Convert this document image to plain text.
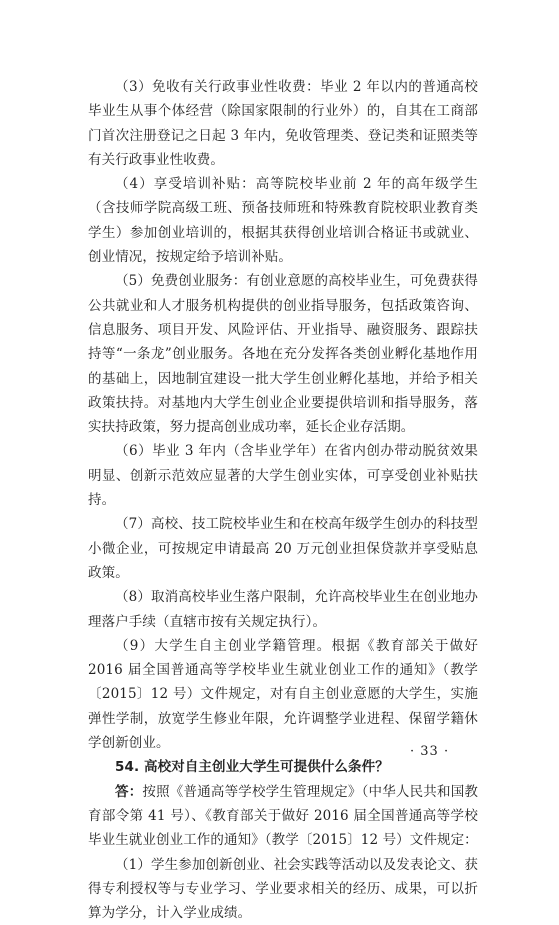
（3）免收有关行政事业性收费：毕业 2 年以内的普通高校毕业生从事个体经营（除国家限制的行业外）的，自其在工商部门首次注册登记之日起 3 年内，免收管理类、登记类和证照类等有关行政事业性收费。

（4）享受培训补贴：高等院校毕业前 2 年的高年级学生（含技师学院高级工班、预备技师班和特殊教育院校职业教育类学生）参加创业培训的，根据其获得创业培训合格证书或就业、创业情况，按规定给予培训补贴。

（5）免费创业服务：有创业意愿的高校毕业生，可免费获得公共就业和人才服务机构提供的创业指导服务，包括政策咨询、信息服务、项目开发、风险评估、开业指导、融资服务、跟踪扶持等“一条龙”创业服务。各地在充分发挥各类创业孵化基地作用的基础上，因地制宜建设一批大学生创业孵化基地，并给予相关政策扶持。对基地内大学生创业企业要提供培训和指导服务，落实扶持政策，努力提高创业成功率，延长企业存活期。

（6）毕业 3 年内（含毕业学年）在省内创办带动脱贫效果明显、创新示范效应显著的大学生创业实体，可享受创业补贴扶持。

（7）高校、技工院校毕业生和在校高年级学生创办的科技型小微企业，可按规定申请最高 20 万元创业担保贷款并享受贴息政策。

（8）取消高校毕业生落户限制，允许高校毕业生在创业地办理落户手续（直辖市按有关规定执行）。

（9）大学生自主创业学籍管理。根据《教育部关于做好 2016 届全国普通高等学校毕业生就业创业工作的通知》（教学〔2015〕12 号）文件规定，对有自主创业意愿的大学生，实施弹性学制，放宽学生修业年限，允许调整学业进程、保留学籍休学创新创业。

54. 高校对自主创业大学生可提供什么条件？

答：按照《普通高等学校学生管理规定》（中华人民共和国教育部令第 41 号）、《教育部关于做好 2016 届全国普通高等学校毕业生就业创业工作的通知》（教学〔2015〕12 号）文件规定：

（1）学生参加创新创业、社会实践等活动以及发表论文、获得专利授权等与专业学习、学业要求相关的经历、成果，可以折算为学分，计入学业成绩。

· 33 ·
